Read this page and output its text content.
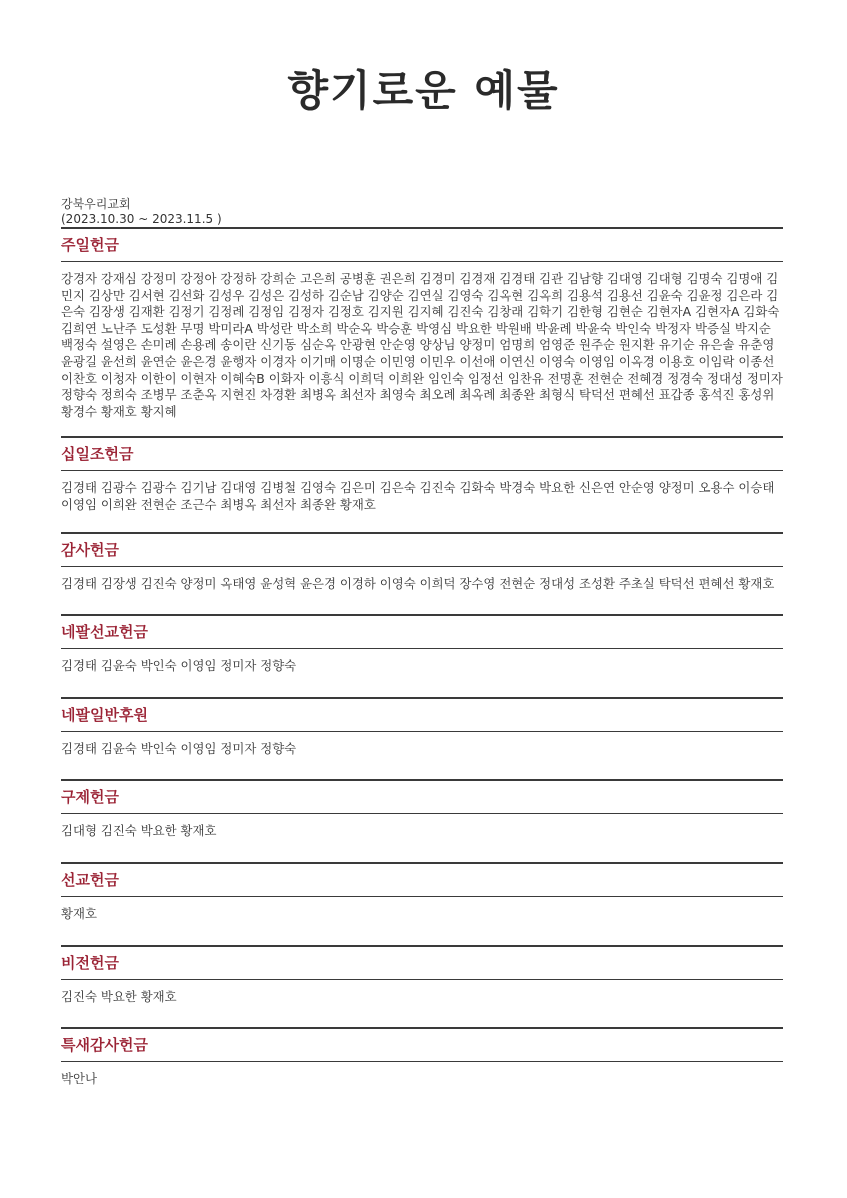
향기로운 예물
강북우리교회
(2023.10.30 ~ 2023.11.5 )
주일헌금
강경자 강재심 강정미 강정아 강정하 강희순 고은희 공병훈 권은희 김경미 김경재 김경태 김관 김남향 김대영 김대형 김명숙 김명애 김민지 김상만 김서현 김선화 김성우 김성은 김성하 김순남 김양순 김연실 김영숙 김옥현 김옥희 김용석 김용선 김윤숙 김윤정 김은라 김은숙 김장생 김재환 김정기 김정례 김정임 김정자 김정호 김지원 김지혜 김진숙 김창래 김학기 김한형 김현순 김현자A 김현자A 김화숙 김희연 노난주 도성환 무명 박미라A 박성란 박소희 박순옥 박승훈 박영심 박요한 박원배 박윤례 박윤숙 박인숙 박정자 박증실 박지순 백정숙 설영은 손미례 손용례 송이란 신기동 심순옥 안광현 안순영 양상님 양정미 엄명희 엄영준 원주순 원지환 유기순 유은솔 유춘영 윤광길 윤선희 윤연순 윤은경 윤행자 이경자 이기매 이명순 이민영 이민우 이선애 이연신 이영숙 이영임 이옥경 이용호 이임락 이종선 이찬호 이청자 이한이 이현자 이혜숙B 이화자 이흥식 이희덕 이희완 임인숙 임정선 임찬유 전명훈 전현순 전혜경 정경숙 정대성 정미자 정향숙 정희숙 조병무 조춘옥 지현진 차경환 최병옥 최선자 최영숙 최오례 최옥례 최종완 최형식 탁덕선 편혜선 표갑종 홍석진 홍성위 황경수 황재호 황지혜
십일조헌금
김경태 김광수 김광수 김기남 김대영 김병철 김영숙 김은미 김은숙 김진숙 김화숙 박경숙 박요한 신은연 안순영 양정미 오용수 이승태 이영임 이희완 전현순 조근수 최병옥 최선자 최종완 황재호
감사헌금
김경태 김장생 김진숙 양정미 옥태영 윤성혁 윤은경 이경하 이영숙 이희덕 장수영 전현순 정대성 조성환 주초실 탁덕선 편혜선 황재호
네팔선교헌금
김경태 김윤숙 박인숙 이영임 정미자 정향숙
네팔일반후원
김경태 김윤숙 박인숙 이영임 정미자 정향숙
구제헌금
김대형 김진숙 박요한 황재호
선교헌금
황재호
비전헌금
김진숙 박요한 황재호
특새감사헌금
박안나
